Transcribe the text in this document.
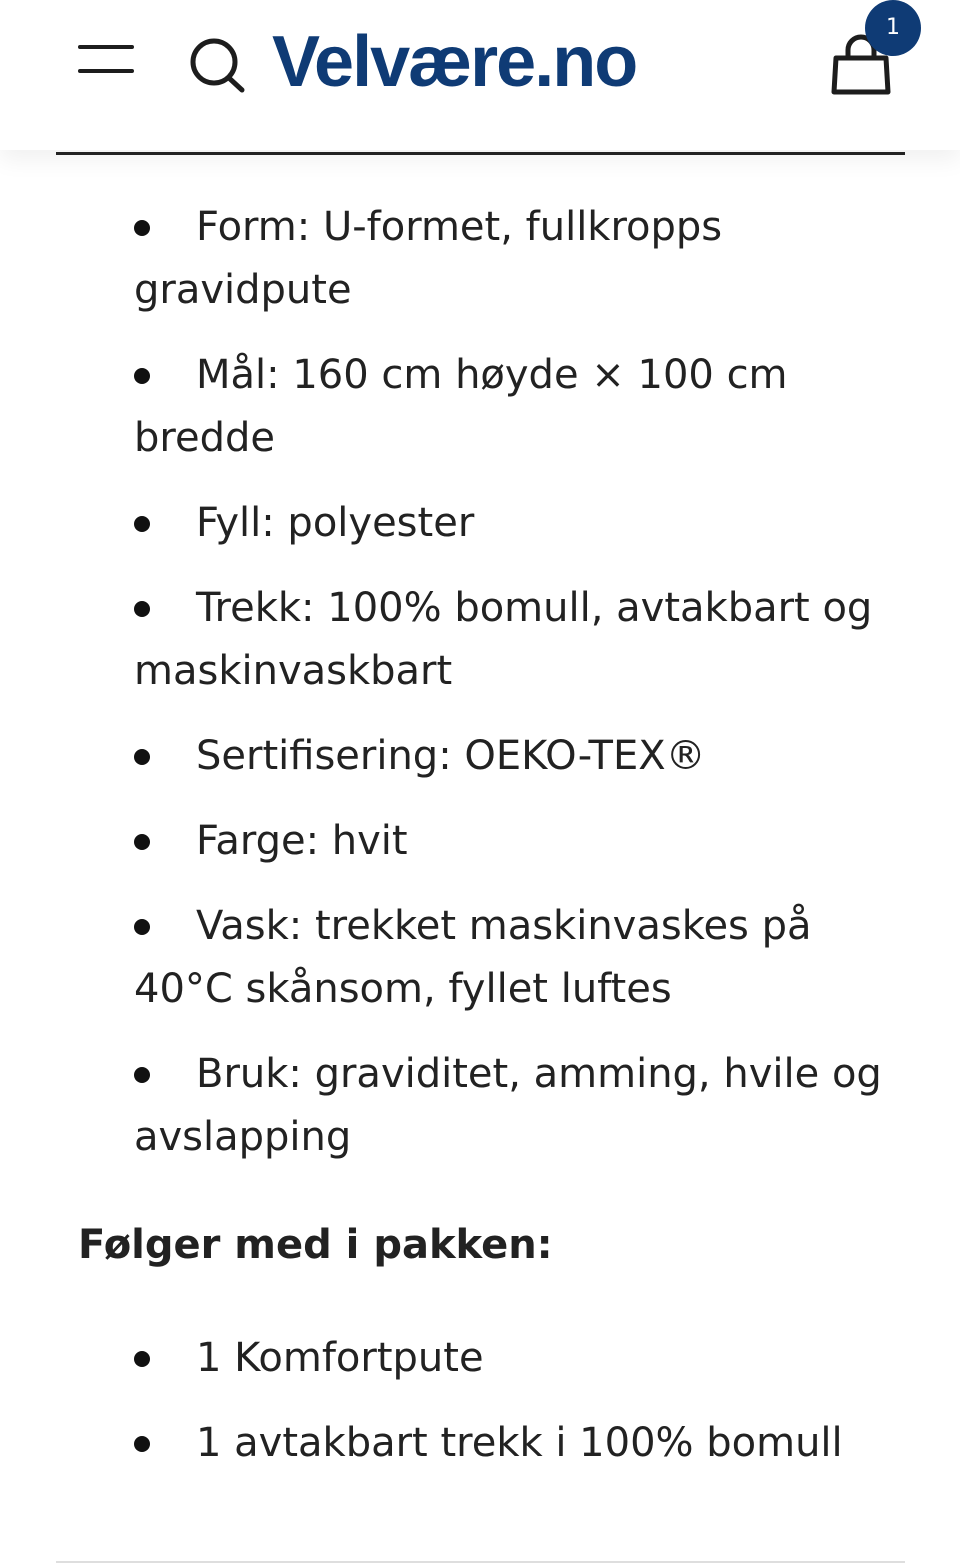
Velvære.no	1
Form: U-formet, fullkropps gravidpute
Mål: 160 cm høyde × 100 cm bredde
Fyll: polyester
Trekk: 100% bomull, avtakbart og maskinvaskbart
Sertifisering: OEKO-TEX®
Farge: hvit
Vask: trekket maskinvaskes på 40°C skånsom, fyllet luftes
Bruk: graviditet, amming, hvile og avslapping
Følger med i pakken:
1 Komfortpute
1 avtakbart trekk i 100% bomull
